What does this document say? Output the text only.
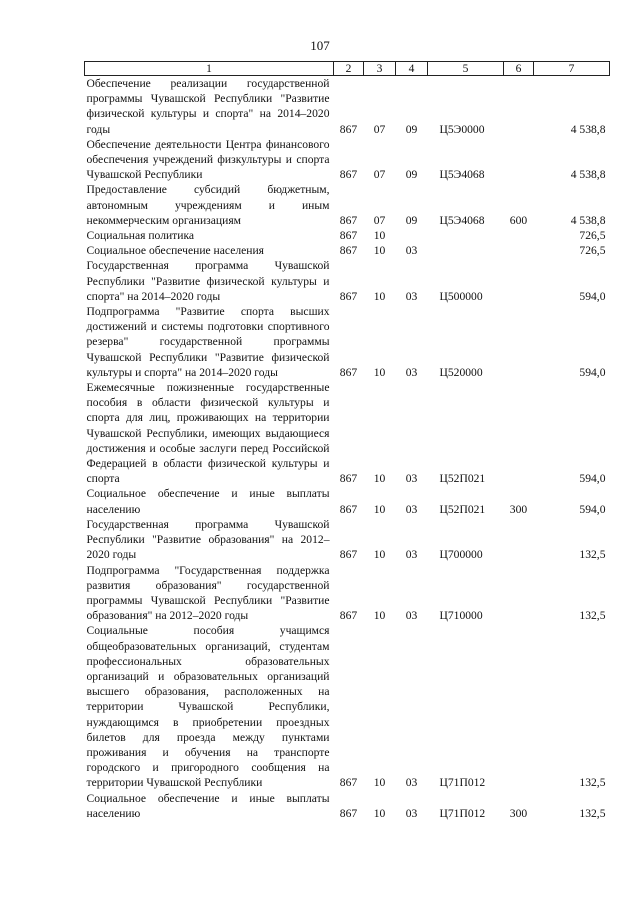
107
1	2	3	4	5	6	7
Обеспечение реализации государственной программы Чувашской Республики "Развитие физической культуры и спорта" на 2014–2020 годы	867	07	09	Ц5Э0000		4 538,8
Обеспечение деятельности Центра финансового обеспечения учреждений физкультуры и спорта Чувашской Республики	867	07	09	Ц5Э4068		4 538,8
Предоставление субсидий бюджетным, автономным учреждениям и иным некоммерческим организациям	867	07	09	Ц5Э4068	600	4 538,8
Социальная политика	867	10				726,5
Социальное обеспечение населения	867	10	03			726,5
Государственная программа Чувашской Республики "Развитие физической культуры и спорта" на 2014–2020 годы	867	10	03	Ц500000		594,0
Подпрограмма "Развитие спорта высших достижений и системы подготовки спортивного резерва" государственной программы Чувашской Республики "Развитие физической культуры и спорта" на 2014–2020 годы	867	10	03	Ц520000		594,0
Ежемесячные пожизненные государственные пособия в области физической культуры и спорта для лиц, проживающих на территории Чувашской Республики, имеющих выдающиеся достижения и особые заслуги перед Российской Федерацией в области физической культуры и спорта	867	10	03	Ц52П021		594,0
Социальное обеспечение и иные выплаты населению	867	10	03	Ц52П021	300	594,0
Государственная программа Чувашской Республики "Развитие образования" на 2012–2020 годы	867	10	03	Ц700000		132,5
Подпрограмма "Государственная поддержка развития образования" государственной программы Чувашской Республики "Развитие образования" на 2012–2020 годы	867	10	03	Ц710000		132,5
Социальные пособия учащимся общеобразовательных организаций, студентам профессиональных образовательных организаций и образовательных организаций высшего образования, расположенных на территории Чувашской Республики, нуждающимся в приобретении проездных билетов для проезда между пунктами проживания и обучения на транспорте городского и пригородного сообщения на территории Чувашской Республики	867	10	03	Ц71П012		132,5
Социальное обеспечение и иные выплаты населению	867	10	03	Ц71П012	300	132,5
